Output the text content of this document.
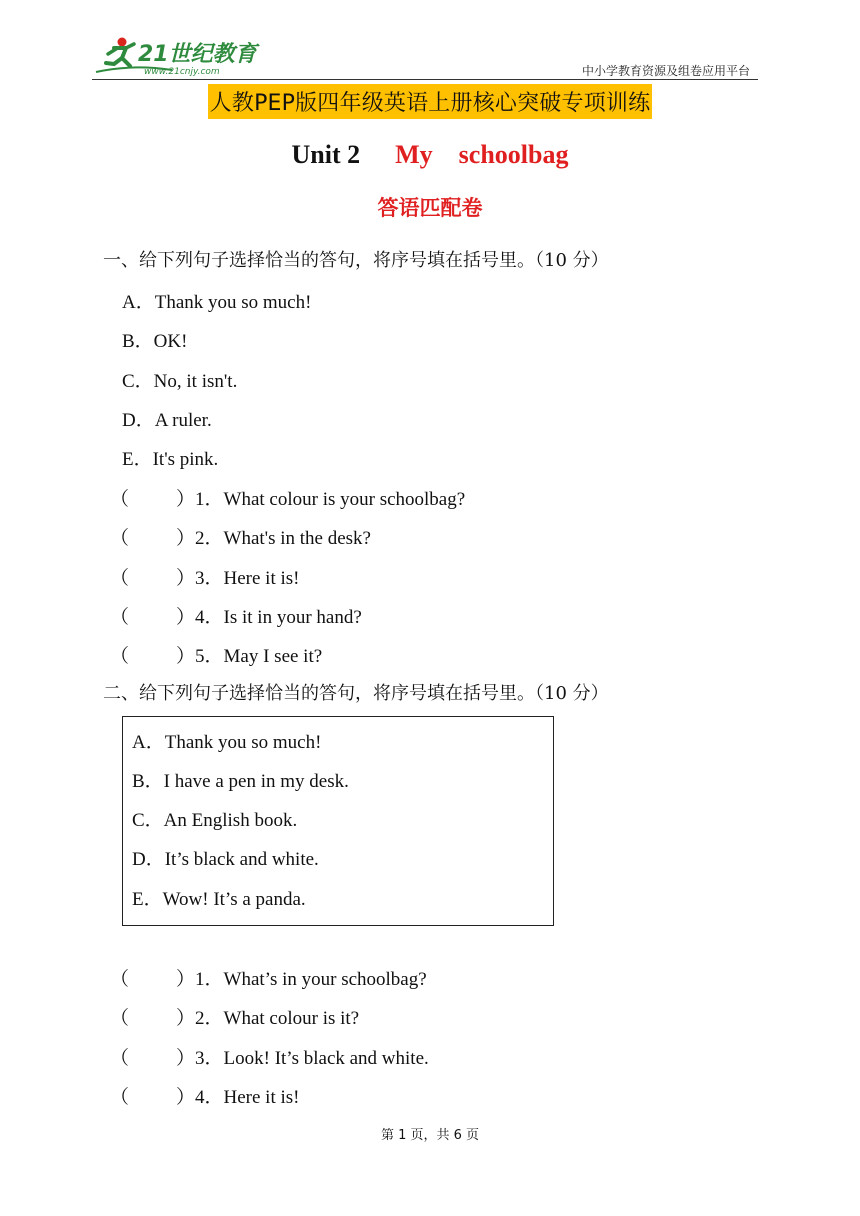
21世纪教育
www.21cnjy.com	中小学教育资源及组卷应用平台
人教PEP版四年级英语上册核心突破专项训练
Unit 2 My    schoolbag
答语匹配卷
一、给下列句子选择恰当的答句，将序号填在括号里。（10 分）
A．Thank you so much!
B．OK!
C．No, it isn't.
D．A ruler.
E．It's pink.
（ ）1．What colour is your schoolbag?
（ ）2．What's in the desk?
（ ）3．Here it is!
（ ）4．Is it in your hand?
（ ）5．May I see it?
二、给下列句子选择恰当的答句，将序号填在括号里。（10 分）
A．Thank you so much!
B．I have a pen in my desk.
C．An English book.
D．It’s black and white.
E．Wow! It’s a panda.
（ ）1．What’s in your schoolbag?
（ ）2．What colour is it?
（ ）3．Look! It’s black and white.
（ ）4．Here it is!
第 1 页，共 6 页
